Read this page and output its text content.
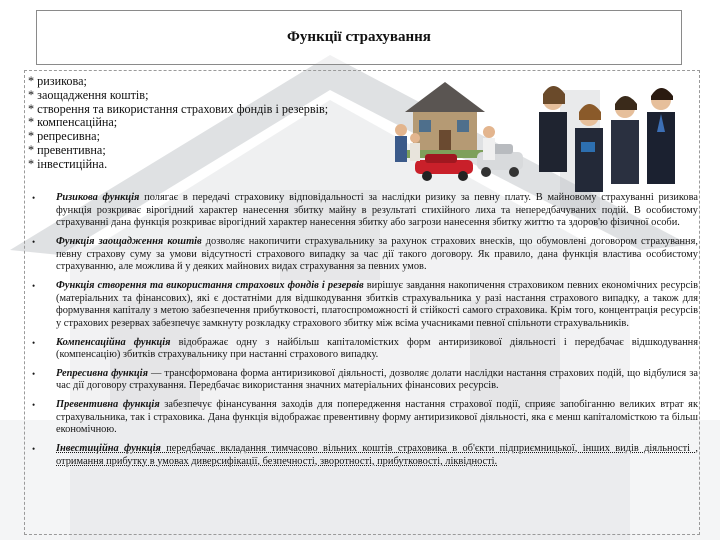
Функції страхування
* ризикова;
* заощадження коштів;
* створення та використання страхових фондів і резервів;
* компенсаційна;
* репресивна;
* превентивна;
* інвестиційна.
•	Ризикова функція полягає в передачі страховику відповідальності за наслідки ризику за певну плату. В майновому страхуванні ризикова функція розкриває вірогідний характер нанесення збитку майну в результаті стихійного лиха та непередбачуваних подій. В особистому страхуванні дана функція розкриває вірогідний характер нанесення збитку або загрози нанесення збитку життю та здоров'ю фізичної особи.
•	Функція заощадження коштів дозволяє накопичити страхувальнику за рахунок страхових внесків, що обумовлені договором страхування, певну страхову суму за умови відсутності страхового випадку за час дії такого договору. Як правило, дана функція властива особистому страхуванню, але можлива й у деяких майнових видах страхування за певних умов.
•	Функція створення та використання страхових фондів і резервів вирішує завдання накопичення страховиком певних економічних ресурсів (матеріальних та фінансових), які є достатніми для відшкодування збитків страхувальника у разі настання страхового випадку, а також для формування капіталу з метою забезпечення прибутковості, платоспроможності й стійкості самого страховика. Крім того, концентрація ресурсів у страхових резервах забезпечує замкнуту розкладку страхового збитку між всіма учасниками певної спільноти страхувальників.
•	Компенсаційна функція відображає одну з найбільш капіталомістких форм антиризикової діяльності і передбачає відшкодування (компенсацію) збитків страхувальнику при настанні страхового випадку.
•	Репресивна функція — трансформована форма антиризикової діяльності, дозволяє долати наслідки настання страхових подій, що відбулися за час дії договору страхування. Передбачає використання значних матеріальних фінансових ресурсів.
•	Превентивна функція забезпечує фінансування заходів для попередження настання страхової події, сприяє запобіганню великих втрат як страхувальника, так і страховика. Дана функція відображає превентивну форму антиризикової діяльності, яка є менш капіталомісткою та більш економічною.
•	Інвестиційна функція передбачає вкладання тимчасово вільних коштів страховика в об'єкти підприємницької, інших видів діяльності , отримання прибутку в умовах диверсифікації, безпечності, зворотності, прибутковості, ліквідності.
